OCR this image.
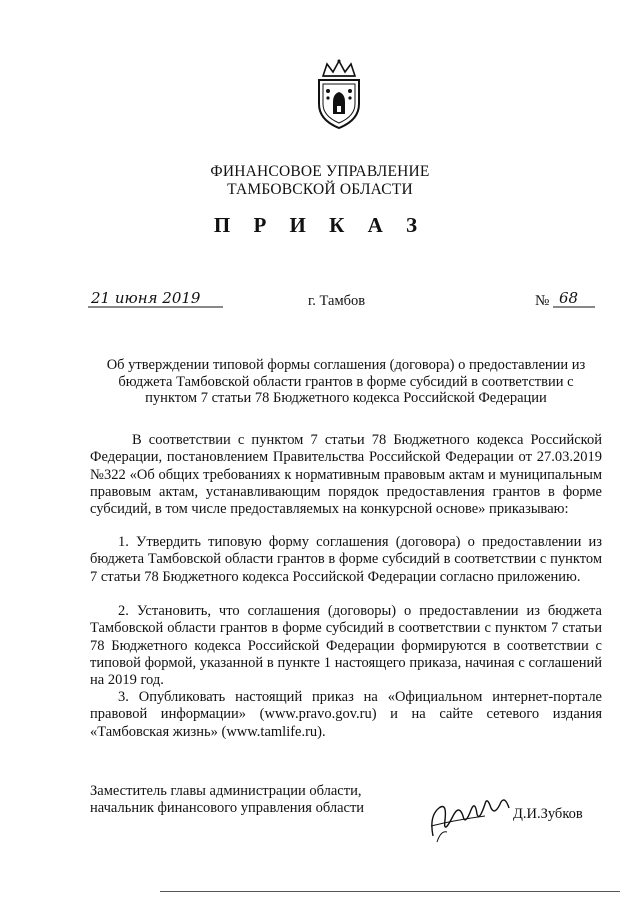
ФИНАНСОВОЕ УПРАВЛЕНИЕ
ТАМБОВСКОЙ ОБЛАСТИ
П Р И К А З
21 июня 2019	г. Тамбов	№ 68
Об утверждении типовой формы соглашения (договора) о предоставлении из бюджета Тамбовской области грантов в форме субсидий в соответствии с пунктом 7 статьи 78 Бюджетного кодекса Российской Федерации
В соответствии с пунктом 7 статьи 78 Бюджетного кодекса Российской Федерации, постановлением Правительства Российской Федерации от 27.03.2019 №322 «Об общих требованиях к нормативным правовым актам и муниципальным правовым актам, устанавливающим порядок предоставления грантов в форме субсидий, в том числе предоставляемых на конкурсной основе» приказываю:
1. Утвердить типовую форму соглашения (договора) о предоставлении из бюджета Тамбовской области грантов в форме субсидий в соответствии с пунктом 7 статьи 78 Бюджетного кодекса Российской Федерации согласно приложению.
2. Установить, что соглашения (договоры) о предоставлении из бюджета Тамбовской области грантов в форме субсидий в соответствии с пунктом 7 статьи 78 Бюджетного кодекса Российской Федерации формируются в соответствии с типовой формой, указанной в пункте 1 настоящего приказа, начиная с соглашений на 2019 год.
3. Опубликовать настоящий приказ на «Официальном интернет-портале правовой информации» (www.pravo.gov.ru) и на сайте сетевого издания «Тамбовская жизнь» (www.tamlife.ru).
Заместитель главы администрации области,
начальник финансового управления области	Д.И.Зубков
